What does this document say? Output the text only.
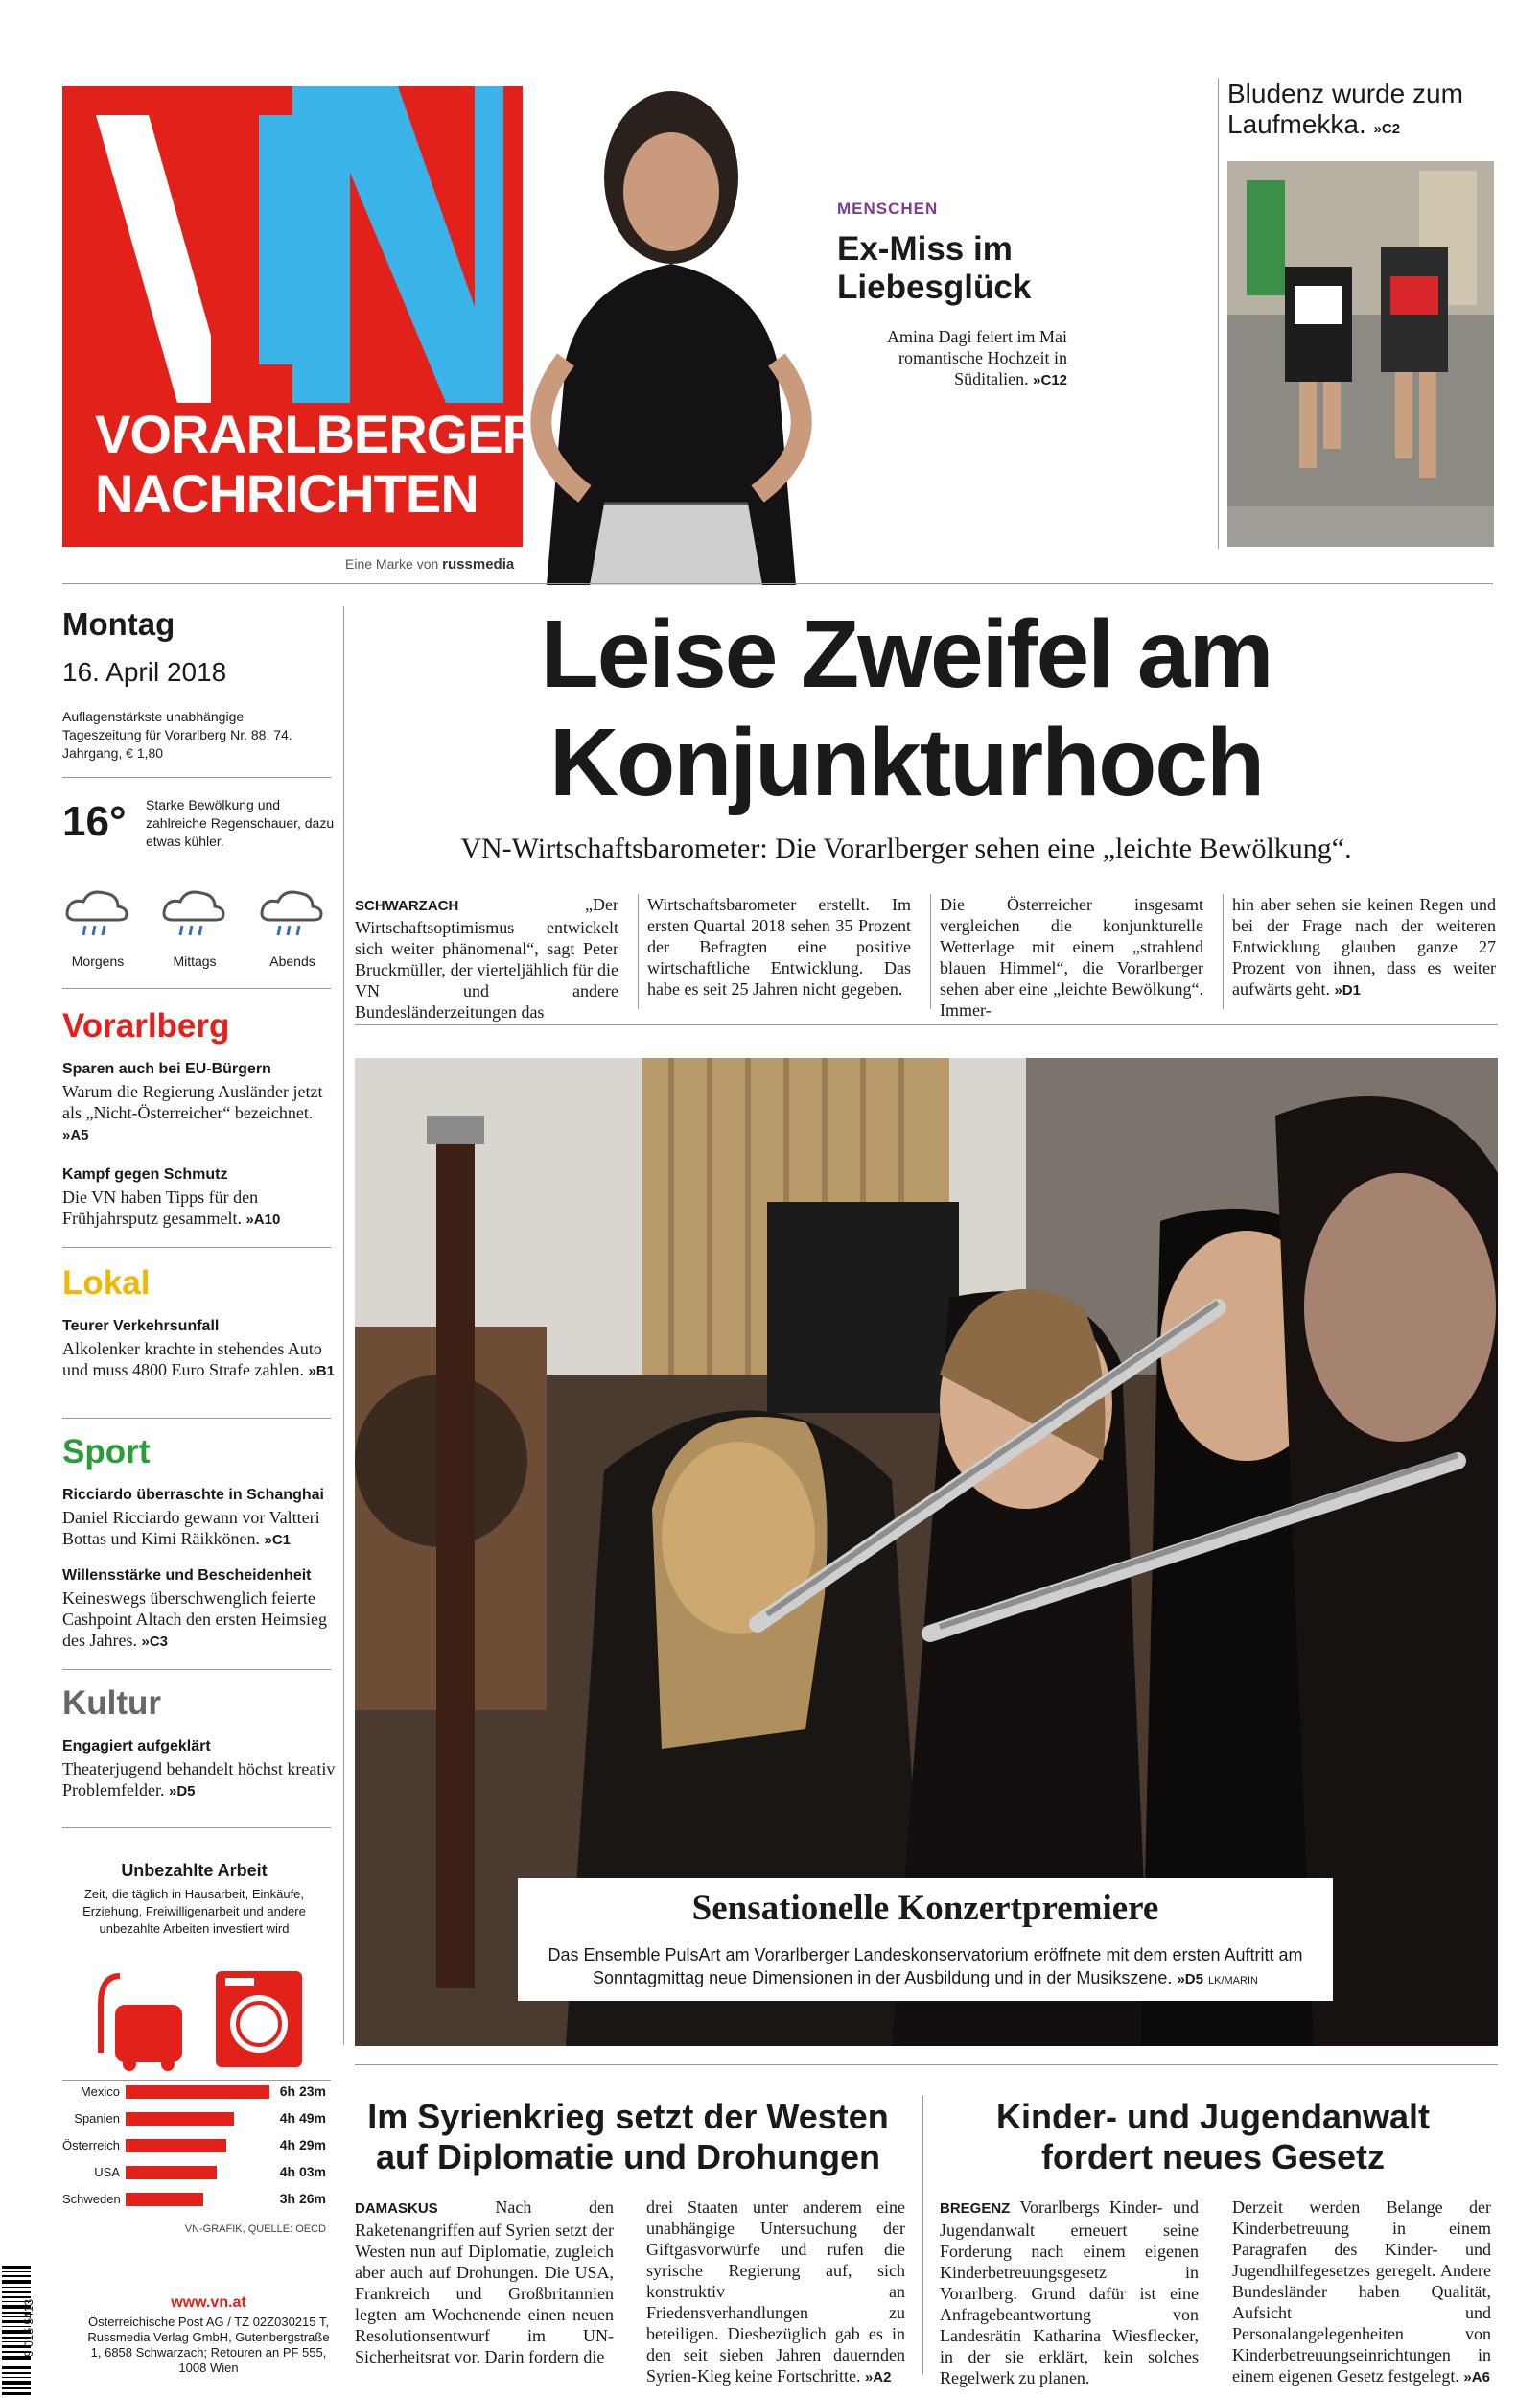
VORARLBERGER
NACHRICHTEN
Eine Marke von russmedia
MENSCHEN
Ex-Miss im Liebesglück
Amina Dagi feiert im Mai romantische Hochzeit in Süditalien. »C12
Bludenz wurde zum Laufmekka. »C2
Montag
16. April 2018
Auflagenstärkste unabhängige Tageszeitung für Vorarlberg Nr. 88, 74. Jahrgang, € 1,80
16° Starke Bewölkung und zahlreiche Regenschauer, dazu etwas kühler.
Morgens	Mittags	Abends
Vorarlberg
Sparen auch bei EU-Bürgern
Warum die Regierung Ausländer jetzt als „Nicht-Österreicher“ bezeichnet. »A5
Kampf gegen Schmutz
Die VN haben Tipps für den Frühjahrsputz gesammelt. »A10
Lokal
Teurer Verkehrsunfall
Alkolenker krachte in stehendes Auto und muss 4800 Euro Strafe zahlen. »B1
Sport
Ricciardo überraschte in Schanghai
Daniel Ricciardo gewann vor Valtteri Bottas und Kimi Räikkönen. »C1
Willensstärke und Bescheidenheit
Keineswegs überschwenglich feierte Cashpoint Altach den ersten Heimsieg des Jahres. »C3
Kultur
Engagiert aufgeklärt
Theaterjugend behandelt höchst kreativ Problemfelder. »D5
Unbezahlte Arbeit
Zeit, die täglich in Hausarbeit, Einkäufe, Erziehung, Freiwilligenarbeit und andere unbezahlte Arbeiten investiert wird
Mexico	6h 23m
Spanien	4h 49m
Österreich	4h 29m
USA	4h 03m
Schweden	3h 26m
VN-GRAFIK, QUELLE: OECD
www.vn.at
Österreichische Post AG / TZ 02Z030215 T, Russmedia Verlag GmbH, Gutenbergstraße 1, 6858 Schwarzach; Retouren an PF 555, 1008 Wien
9 015 5413
Leise Zweifel am Konjunkturhoch
VN-Wirtschaftsbarometer: Die Vorarlberger sehen eine „leichte Bewölkung“.
SCHWARZACH	„Der Wirtschaftsoptimismus entwickelt sich weiter phänomenal“, sagt Peter Bruckmüller, der vierteljählich für die VN und andere Bundesländerzeitungen das
Wirtschaftsbarometer erstellt. Im ersten Quartal 2018 sehen 35 Prozent der Befragten eine positive wirtschaftliche Entwicklung. Das habe es seit 25 Jahren nicht gegeben.
Die Österreicher insgesamt vergleichen die konjunkturelle Wetterlage mit einem „strahlend blauen Himmel“, die Vorarlberger sehen aber eine „leichte Bewölkung“. Immer-
hin aber sehen sie keinen Regen und bei der Frage nach der weiteren Entwicklung glauben ganze 27 Prozent von ihnen, dass es weiter aufwärts geht. »D1
Sensationelle Konzertpremiere
Das Ensemble PulsArt am Vorarlberger Landeskonservatorium eröffnete mit dem ersten Auftritt am Sonntagmittag neue Dimensionen in der Ausbildung und in der Musikszene. »D5 LK/MARIN
Im Syrienkrieg setzt der Westen auf Diplomatie und Drohungen
DAMASKUS	Nach den Raketenangriffen auf Syrien setzt der Westen nun auf Diplomatie, zugleich aber auch auf Drohungen. Die USA, Frankreich und Großbritannien legten am Wochenende einen neuen Resolutionsentwurf im UN-Sicherheitsrat vor. Darin fordern die
drei Staaten unter anderem eine unabhängige Untersuchung der Giftgasvorwürfe und rufen die syrische Regierung auf, sich konstruktiv an Friedensverhandlungen zu beteiligen. Diesbezüglich gab es in den seit sieben Jahren dauernden Syrien-Kieg keine Fortschritte. »A2
Kinder- und Jugendanwalt fordert neues Gesetz
BREGENZ Vorarlbergs Kinder- und Jugendanwalt erneuert seine Forderung nach einem eigenen Kinderbetreuungsgesetz in Vorarlberg. Grund dafür ist eine Anfragebeantwortung von Landesrätin Katharina Wiesflecker, in der sie erklärt, kein solches Regelwerk zu planen.
Derzeit werden Belange der Kinderbetreuung in einem Paragrafen des Kinder- und Jugendhilfegesetzes geregelt. Andere Bundesländer haben Qualität, Aufsicht und Personalangelegenheiten von Kinderbetreuungseinrichtungen in einem eigenen Gesetz festgelegt. »A6
